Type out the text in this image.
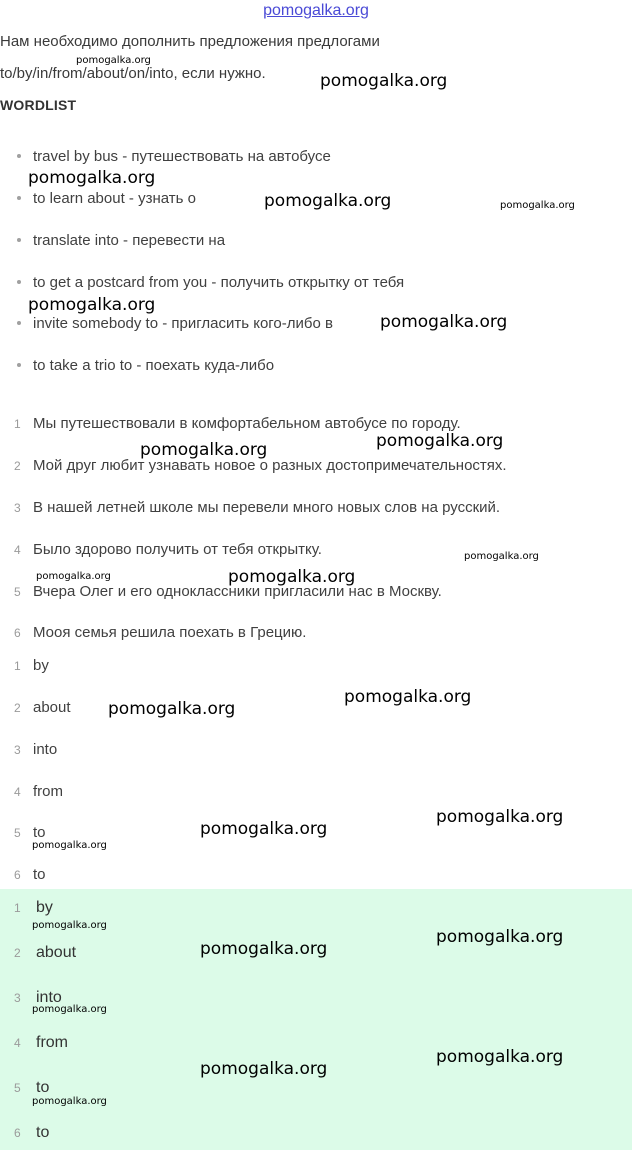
pomogalka.org
Нам необходимо дополнить предложения предлогами
to/by/in/from/about/on/into, если нужно.
WORDLIST
travel by bus - путешествовать на автобусе
to learn about - узнать о
translate into - перевести на
to get a postcard from you - получить открытку от тебя
invite somebody to - пригласить кого-либо в
to take a trio to - поехать куда-либо
1 Мы путешествовали в комфортабельном автобусе по городу.
2 Мой друг любит узнавать новое о разных достопримечательностях.
3 В нашей летней школе мы перевели много новых слов на русский.
4 Было здорово получить от тебя открытку.
5 Вчера Олег и его одноклассники пригласили нас в Москву.
6 Мооя семья решила поехать в Грецию.
1 by
2 about
3 into
4 from
5 to
6 to
1 by
2 about
3 into
4 from
5 to
6 to
pomogalka.org
pomogalka.org
pomogalka.org
pomogalka.org	pomogalka.org
pomogalka.org
pomogalka.org
pomogalka.org
pomogalka.org
pomogalka.org
pomogalka.org	pomogalka.org
pomogalka.org
pomogalka.org
pomogalka.org
pomogalka.org
pomogalka.org
pomogalka.org
pomogalka.org
pomogalka.org
pomogalka.org
pomogalka.org
pomogalka.org
pomogalka.org
